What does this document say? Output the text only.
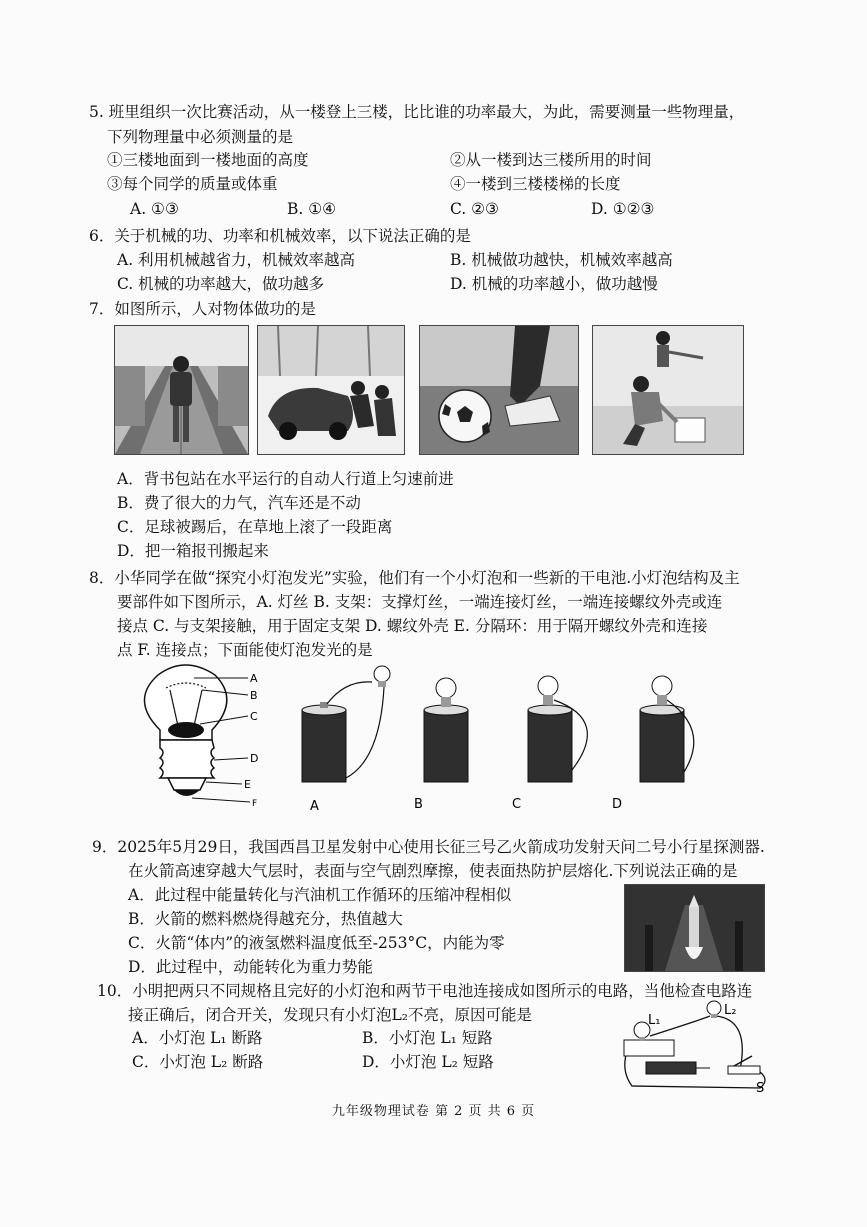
5. 班里组织一次比赛活动，从一楼登上三楼，比比谁的功率最大，为此，需要测量一些物理量，
下列物理量中必须测量的是
①三楼地面到一楼地面的高度	②从一楼到达三楼所用的时间
③每个同学的质量或体重	④一楼到三楼楼梯的长度
A. ①③	B. ①④	C. ②③	D. ①②③
6．关于机械的功、功率和机械效率，以下说法正确的是
A. 利用机械越省力，机械效率越高	B. 机械做功越快，机械效率越高
C. 机械的功率越大，做功越多	D. 机械的功率越小，做功越慢
7．如图所示，人对物体做功的是
A．背书包站在水平运行的自动人行道上匀速前进
B．费了很大的力气，汽车还是不动
C．足球被踢后，在草地上滚了一段距离
D．把一箱报刊搬起来
8．小华同学在做“探究小灯泡发光”实验，他们有一个小灯泡和一些新的干电池.小灯泡结构及主
要部件如下图所示，A. 灯丝 B. 支架：支撑灯丝，一端连接灯丝，一端连接螺纹外壳或连
接点 C. 与支架接触，用于固定支架 D. 螺纹外壳 E. 分隔环：用于隔开螺纹外壳和连接
点 F. 连接点；下面能使灯泡发光的是
A
B
C
D
E
F	A	B	C	D
9．2025年5月29日，我国西昌卫星发射中心使用长征三号乙火箭成功发射天问二号小行星探测器.
在火箭高速穿越大气层时，表面与空气剧烈摩擦，使表面热防护层熔化.下列说法正确的是
A．此过程中能量转化与汽油机工作循环的压缩冲程相似
B．火箭的燃料燃烧得越充分，热值越大
C．火箭“体内”的液氢燃料温度低至-253°C，内能为零
D．此过程中，动能转化为重力势能
10．小明把两只不同规格且完好的小灯泡和两节干电池连接成如图所示的电路，当他检查电路连
接正确后，闭合开关，发现只有小灯泡L₂不亮，原因可能是
A．小灯泡 L₁ 断路	B．小灯泡 L₁ 短路
C．小灯泡 L₂ 断路	D．小灯泡 L₂ 短路
L₁
L₂
S
九年级物理试卷 第 2 页 共 6 页
